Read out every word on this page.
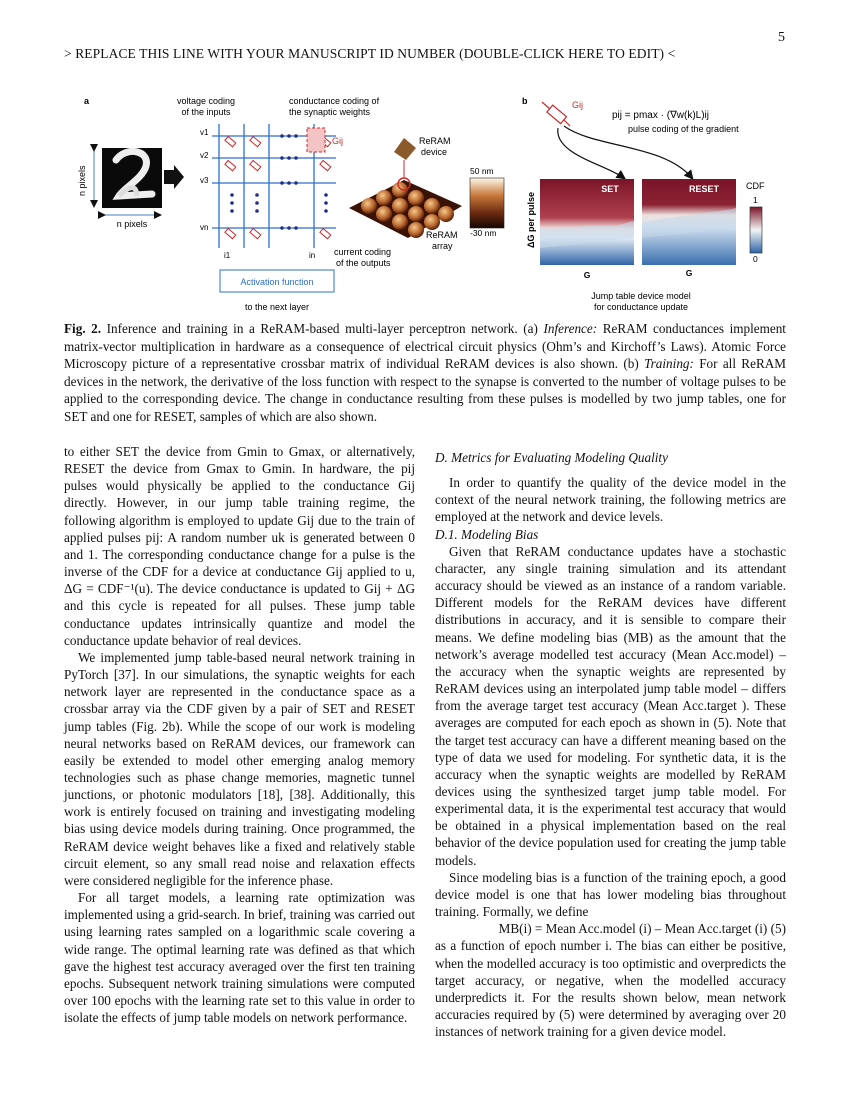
5
> REPLACE THIS LINE WITH YOUR MANUSCRIPT ID NUMBER (DOUBLE-CLICK HERE TO EDIT) <
a	voltage coding
of the inputs
conductance coding of
the synaptic weights
n pixels
n pixels
Gij
v1
v2
v3
vn
i1	in
Activation function
to the next layer
ReRAM
device
50 nm
-30 nm
ReRAM
array
current coding
of the outputs
b	Gij
pij = pmax · (∇w(k)L)ij
pulse coding of the gradient
ΔG per pulse
SET	RESET
G	G
CDF
1
0
Jump table device model
for conductance update
Fig. 2. Inference and training in a ReRAM-based multi-layer perceptron network. (a) Inference: ReRAM conductances implement matrix-vector multiplication in hardware as a consequence of electrical circuit physics (Ohm’s and Kirchoff’s Laws). Atomic Force Microscopy picture of a representative crossbar matrix of individual ReRAM devices is also shown. (b) Training: For all ReRAM devices in the network, the derivative of the loss function with respect to the synapse is converted to the number of voltage pulses to be applied to the corresponding device. The change in conductance resulting from these pulses is modelled by two jump tables, one for SET and one for RESET, samples of which are also shown.

to either SET the device from Gmin to Gmax, or alternatively, RESET the device from Gmax to Gmin. In hardware, the pij pulses would physically be applied to the conductance Gij directly. However, in our jump table training regime, the following algorithm is employed to update Gij due to the train of applied pulses pij: A random number uk is generated between 0 and 1. The corresponding conductance change for a pulse is the inverse of the CDF for a device at conductance Gij applied to u, ΔG = CDF⁻¹(u). The device conductance is updated to Gij + ΔG and this cycle is repeated for all pulses. These jump table conductance updates intrinsically quantize and model the conductance update behavior of real devices.

We implemented jump table-based neural network training in PyTorch [37]. In our simulations, the synaptic weights for each network layer are represented in the conductance space as a crossbar array via the CDF given by a pair of SET and RESET jump tables (Fig. 2b). While the scope of our work is modeling neural networks based on ReRAM devices, our framework can easily be extended to model other emerging analog memory technologies such as phase change memories, magnetic tunnel junctions, or photonic modulators [18], [38]. Additionally, this work is entirely focused on training and investigating modeling bias using device models during training. Once programmed, the ReRAM device weight behaves like a fixed and relatively stable circuit element, so any small read noise and relaxation effects were considered negligible for the inference phase.

For all target models, a learning rate optimization was implemented using a grid-search. In brief, training was carried out using learning rates sampled on a logarithmic scale covering a wide range. The optimal learning rate was defined as that which gave the highest test accuracy averaged over the first ten training epochs. Subsequent network training simulations were computed over 100 epochs with the learning rate set to this value in order to isolate the effects of jump table models on network performance.

D. Metrics for Evaluating Modeling Quality

In order to quantify the quality of the device model in the context of the neural network training, the following metrics are employed at the network and device levels.

D.1. Modeling Bias

Given that ReRAM conductance updates have a stochastic character, any single training simulation and its attendant accuracy should be viewed as an instance of a random variable. Different models for the ReRAM devices have different distributions in accuracy, and it is sensible to compare their means. We define modeling bias (MB) as the amount that the network’s average modelled test accuracy (Mean Acc.model) – the accuracy when the synaptic weights are represented by ReRAM devices using an interpolated jump table model – differs from the average target test accuracy (Mean Acc.target ). These averages are computed for each epoch as shown in (5). Note that the target test accuracy can have a different meaning based on the type of data we used for modeling. For synthetic data, it is the accuracy when the synaptic weights are modelled by ReRAM devices using the synthesized target jump table model. For experimental data, it is the experimental test accuracy that would be obtained in a physical implementation based on the real behavior of the device population used for creating the jump table models.

Since modeling bias is a function of the training epoch, a good device model is one that has lower modeling bias throughout training. Formally, we define

MB(i) = Mean Acc.model (i) – Mean Acc.target (i) (5)

as a function of epoch number i. The bias can either be positive, when the modelled accuracy is too optimistic and overpredicts the target accuracy, or negative, when the modelled accuracy underpredicts it. For the results shown below, mean network accuracies required by (5) were determined by averaging over 20 instances of network training for a given device model.
